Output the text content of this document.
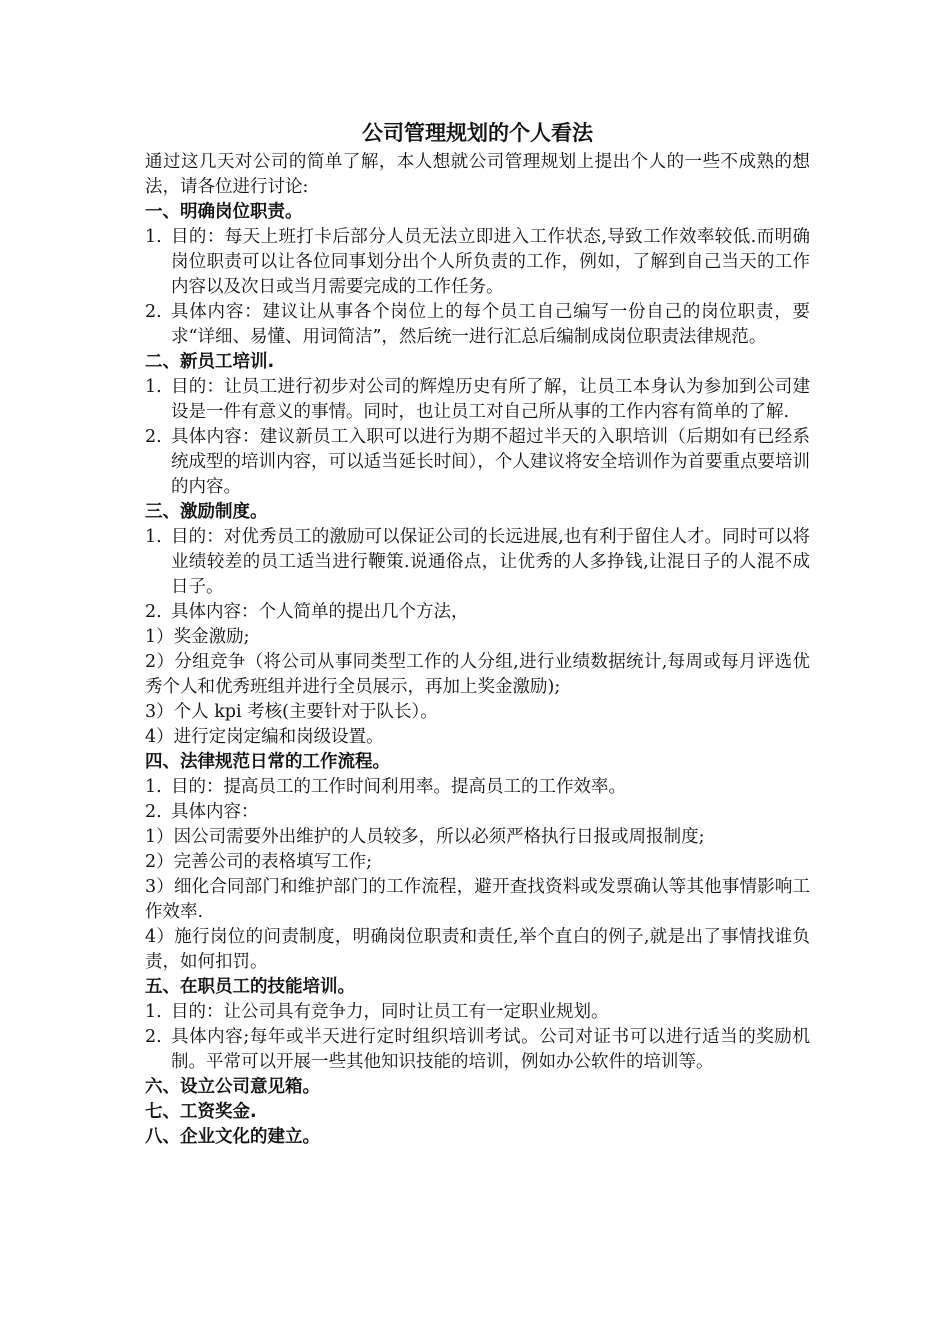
公司管理规划的个人看法

通过这几天对公司的简单了解，本人想就公司管理规划上提出个人的一些不成熟的想法，请各位进行讨论:

一、明确岗位职责。

1. 目的：每天上班打卡后部分人员无法立即进入工作状态,导致工作效率较低.而明确岗位职责可以让各位同事划分出个人所负责的工作，例如，了解到自己当天的工作内容以及次日或当月需要完成的工作任务。
2. 具体内容：建议让从事各个岗位上的每个员工自己编写一份自己的岗位职责，要求“详细、易懂、用词简洁”，然后统一进行汇总后编制成岗位职责法律规范。

二、新员工培训.

1. 目的：让员工进行初步对公司的辉煌历史有所了解，让员工本身认为参加到公司建设是一件有意义的事情。同时，也让员工对自己所从事的工作内容有简单的了解.
2. 具体内容：建议新员工入职可以进行为期不超过半天的入职培训（后期如有已经系统成型的培训内容，可以适当延长时间），个人建议将安全培训作为首要重点要培训的内容。

三、激励制度。

1. 目的：对优秀员工的激励可以保证公司的长远进展,也有利于留住人才。同时可以将业绩较差的员工适当进行鞭策.说通俗点，让优秀的人多挣钱,让混日子的人混不成日子。
2. 具体内容：个人简单的提出几个方法，

1）奖金激励;

2）分组竞争（将公司从事同类型工作的人分组,进行业绩数据统计,每周或每月评选优秀个人和优秀班组并进行全员展示，再加上奖金激励);

3）个人 kpi 考核(主要针对于队长）。

4）进行定岗定编和岗级设置。

四、法律规范日常的工作流程。

1. 目的：提高员工的工作时间利用率。提高员工的工作效率。
2. 具体内容：

1）因公司需要外出维护的人员较多，所以必须严格执行日报或周报制度;

2）完善公司的表格填写工作;

3）细化合同部门和维护部门的工作流程，避开查找资料或发票确认等其他事情影响工作效率.

4）施行岗位的问责制度，明确岗位职责和责任,举个直白的例子,就是出了事情找谁负责，如何扣罚。

五、在职员工的技能培训。

1. 目的：让公司具有竞争力，同时让员工有一定职业规划。
2. 具体内容;每年或半天进行定时组织培训考试。公司对证书可以进行适当的奖励机制。平常可以开展一些其他知识技能的培训，例如办公软件的培训等。

六、设立公司意见箱。

七、工资奖金.

八、企业文化的建立。
